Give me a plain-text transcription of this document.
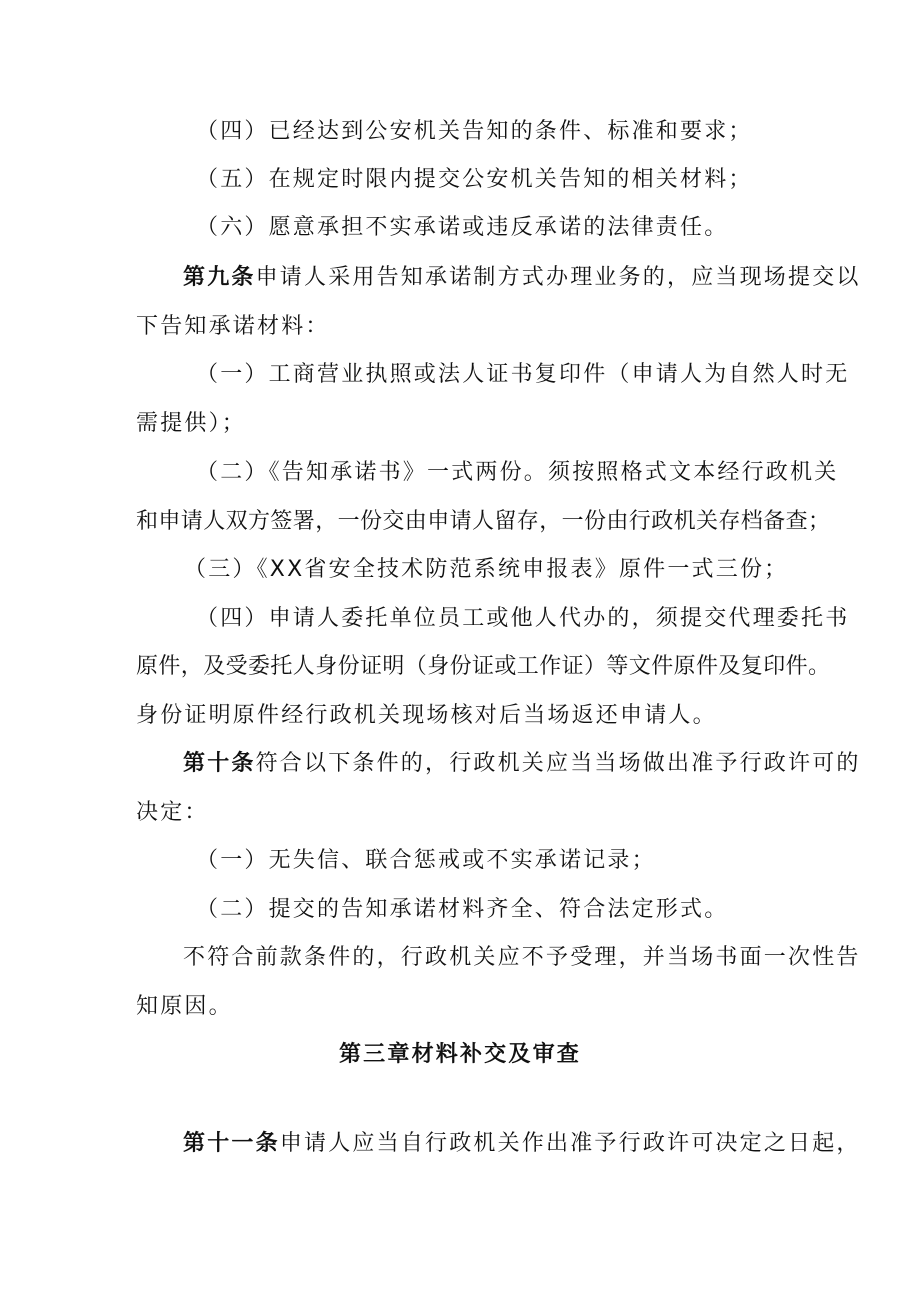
（四）已经达到公安机关告知的条件、标准和要求；
（五）在规定时限内提交公安机关告知的相关材料；
（六）愿意承担不实承诺或违反承诺的法律责任。
第九条申请人采用告知承诺制方式办理业务的，应当现场提交以
下告知承诺材料：
（一）工商营业执照或法人证书复印件（申请人为自然人时无
需提供）；
（二）《告知承诺书》一式两份。须按照格式文本经行政机关
和申请人双方签署，一份交由申请人留存，一份由行政机关存档备查；
（三）《XX省安全技术防范系统申报表》原件一式三份；
（四）申请人委托单位员工或他人代办的，须提交代理委托书
原件，及受委托人身份证明（身份证或工作证）等文件原件及复印件。
身份证明原件经行政机关现场核对后当场返还申请人。
第十条符合以下条件的，行政机关应当当场做出准予行政许可的
决定：
（一）无失信、联合惩戒或不实承诺记录；
（二）提交的告知承诺材料齐全、符合法定形式。
不符合前款条件的，行政机关应不予受理，并当场书面一次性告
知原因。
第三章材料补交及审查
第十一条申请人应当自行政机关作出准予行政许可决定之日起，
